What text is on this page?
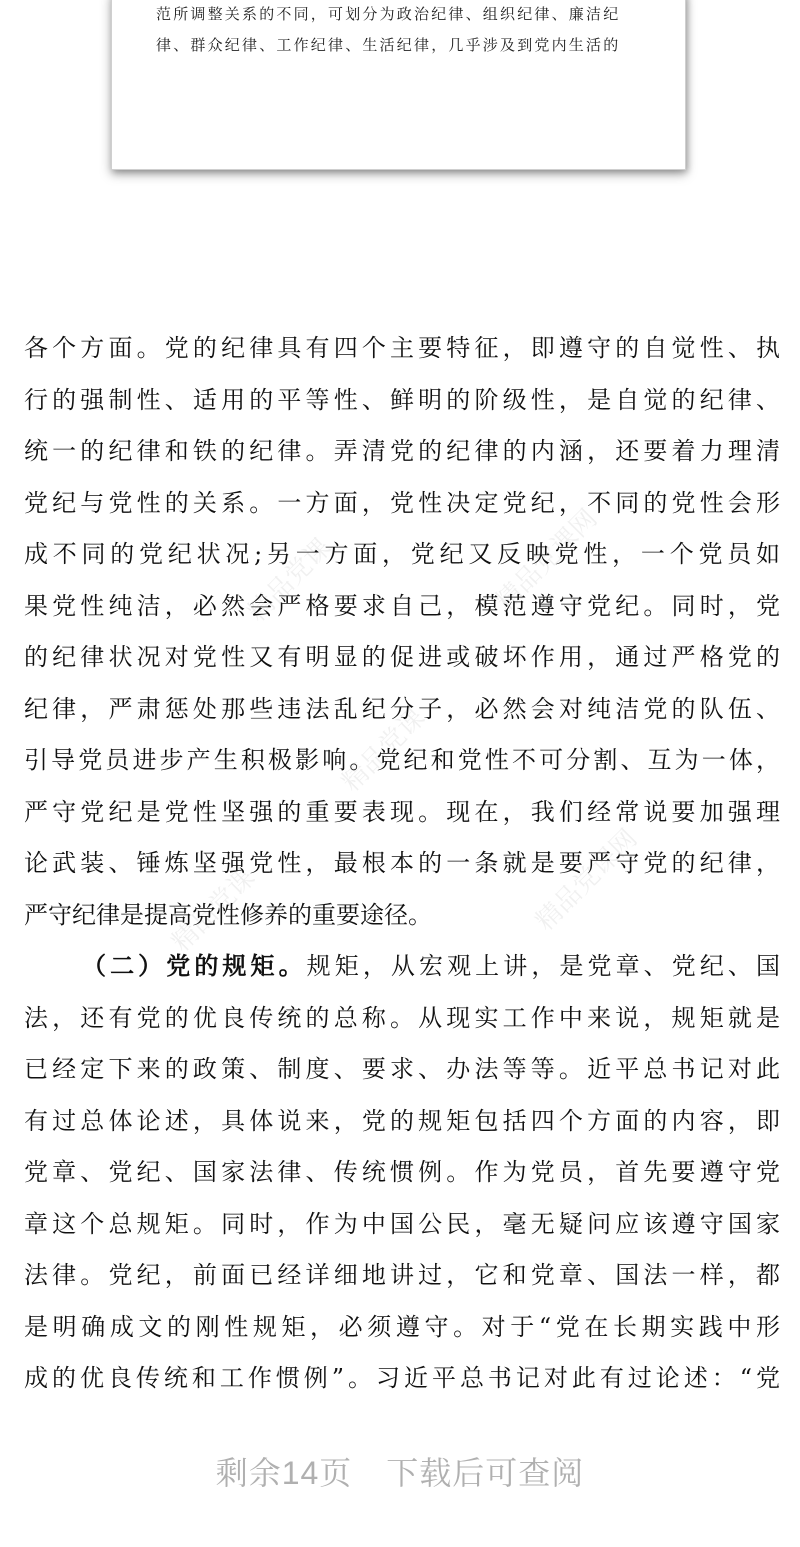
范所调整关系的不同，可划分为政治纪律、组织纪律、廉洁纪
律、群众纪律、工作纪律、生活纪律，几乎涉及到党内生活的
精品党课	精品党课网
精品党课
精品党课网
精品党课
各个方面。党的纪律具有四个主要特征，即遵守的自觉性、执
行的强制性、适用的平等性、鲜明的阶级性，是自觉的纪律、
统一的纪律和铁的纪律。弄清党的纪律的内涵，还要着力理清
党纪与党性的关系。一方面，党性决定党纪，不同的党性会形
成不同的党纪状况;另一方面，党纪又反映党性，一个党员如
果党性纯洁，必然会严格要求自己，模范遵守党纪。同时，党
的纪律状况对党性又有明显的促进或破坏作用，通过严格党的
纪律，严肃惩处那些违法乱纪分子，必然会对纯洁党的队伍、
引导党员进步产生积极影响。党纪和党性不可分割、互为一体，
严守党纪是党性坚强的重要表现。现在，我们经常说要加强理
论武装、锤炼坚强党性，最根本的一条就是要严守党的纪律，
严守纪律是提高党性修养的重要途径。
（二）党的规矩。规矩，从宏观上讲，是党章、党纪、国
法，还有党的优良传统的总称。从现实工作中来说，规矩就是
已经定下来的政策、制度、要求、办法等等。近平总书记对此
有过总体论述，具体说来，党的规矩包括四个方面的内容，即
党章、党纪、国家法律、传统惯例。作为党员，首先要遵守党
章这个总规矩。同时，作为中国公民，毫无疑问应该遵守国家
法律。党纪，前面已经详细地讲过，它和党章、国法一样，都
是明确成文的刚性规矩，必须遵守。对于“党在长期实践中形
成的优良传统和工作惯例”。习近平总书记对此有过论述：“党
剩余14页 下载后可查阅
